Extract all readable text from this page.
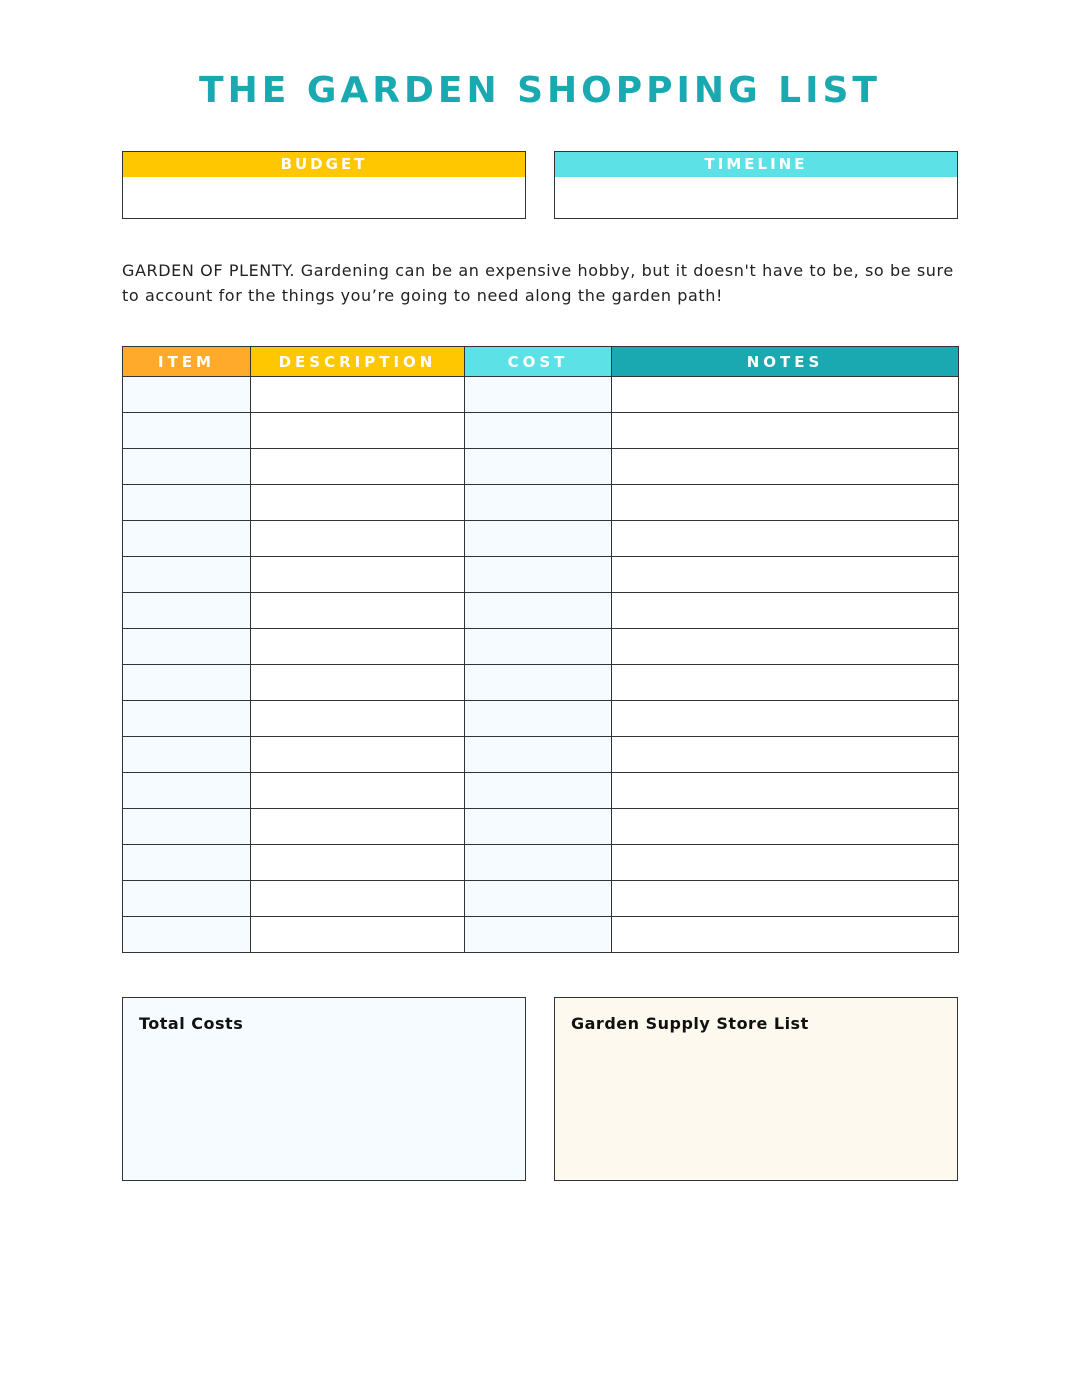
THE GARDEN SHOPPING LIST
BUDGET	TIMELINE
GARDEN OF PLENTY. Gardening can be an expensive hobby, but it doesn't have to be, so be sure to account for the things you’re going to need along the garden path!
ITEM	DESCRIPTION	COST	NOTES

Total Costs	Garden Supply Store List
